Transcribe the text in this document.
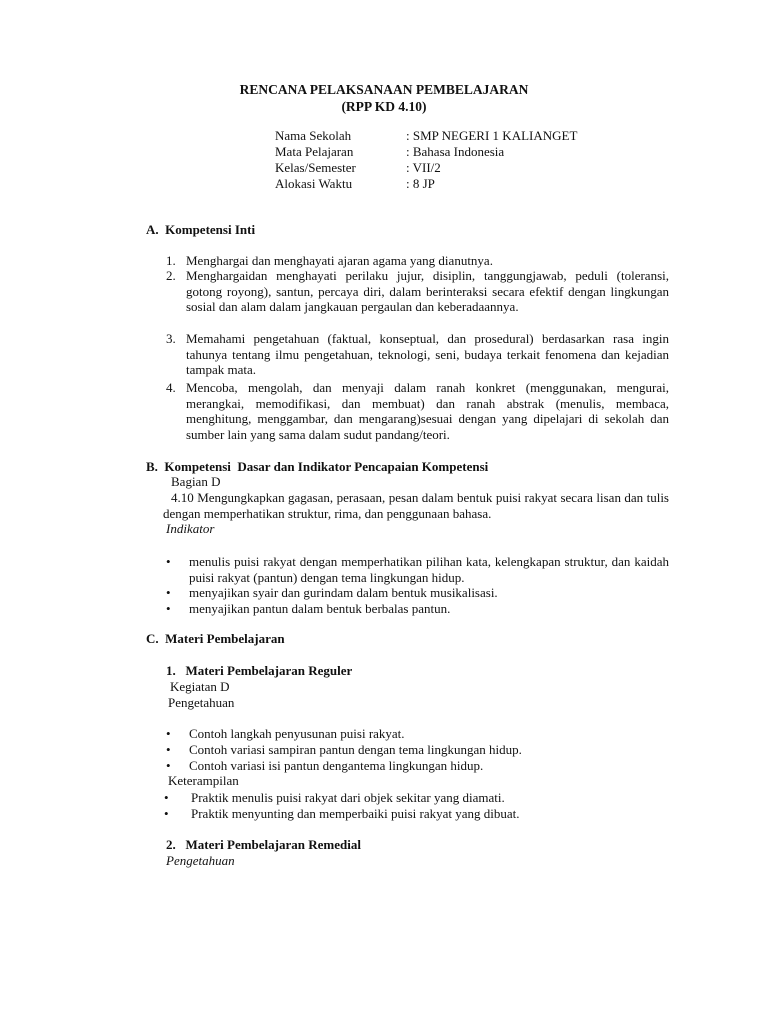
RENCANA PELAKSANAAN PEMBELAJARAN
(RPP KD 4.10)
Nama Sekolah	: SMP NEGERI 1 KALIANGET
Mata Pelajaran	: Bahasa Indonesia
Kelas/Semester	: VII/2
Alokasi Waktu	: 8 JP
A.  Kompetensi Inti
1. Menghargai dan menghayati ajaran agama yang dianutnya.
2. Menghargaidan menghayati perilaku jujur, disiplin, tanggungjawab, peduli (toleransi, gotong royong), santun, percaya diri, dalam berinteraksi secara efektif dengan lingkungan sosial dan alam dalam jangkauan pergaulan dan keberadaannya.
3. Memahami pengetahuan (faktual, konseptual, dan prosedural) berdasarkan rasa ingin tahunya tentang ilmu pengetahuan, teknologi, seni, budaya terkait fenomena dan kejadian tampak mata.
4. Mencoba, mengolah, dan menyaji dalam ranah konkret (menggunakan, mengurai, merangkai, memodifikasi, dan membuat) dan ranah abstrak (menulis, membaca, menghitung, menggambar, dan mengarang)sesuai dengan yang dipelajari di sekolah dan sumber lain yang sama dalam sudut pandang/teori.
B.  Kompetensi  Dasar dan Indikator Pencapaian Kompetensi
Bagian D
4.10 Mengungkapkan gagasan, perasaan, pesan dalam bentuk puisi rakyat secara lisan dan tulis dengan memperhatikan struktur, rima, dan penggunaan bahasa.
Indikator
• menulis puisi rakyat dengan memperhatikan pilihan kata, kelengkapan struktur, dan kaidah puisi rakyat (pantun) dengan tema lingkungan hidup.
• menyajikan syair dan gurindam dalam bentuk musikalisasi.
• menyajikan pantun dalam bentuk berbalas pantun.
C.  Materi Pembelajaran
1.   Materi Pembelajaran Reguler
Kegiatan D
Pengetahuan
• Contoh langkah penyusunan puisi rakyat.
• Contoh variasi sampiran pantun dengan tema lingkungan hidup.
• Contoh variasi isi pantun dengantema lingkungan hidup.
Keterampilan
• Praktik menulis puisi rakyat dari objek sekitar yang diamati.
• Praktik menyunting dan memperbaiki puisi rakyat yang dibuat.
2.   Materi Pembelajaran Remedial
Pengetahuan
